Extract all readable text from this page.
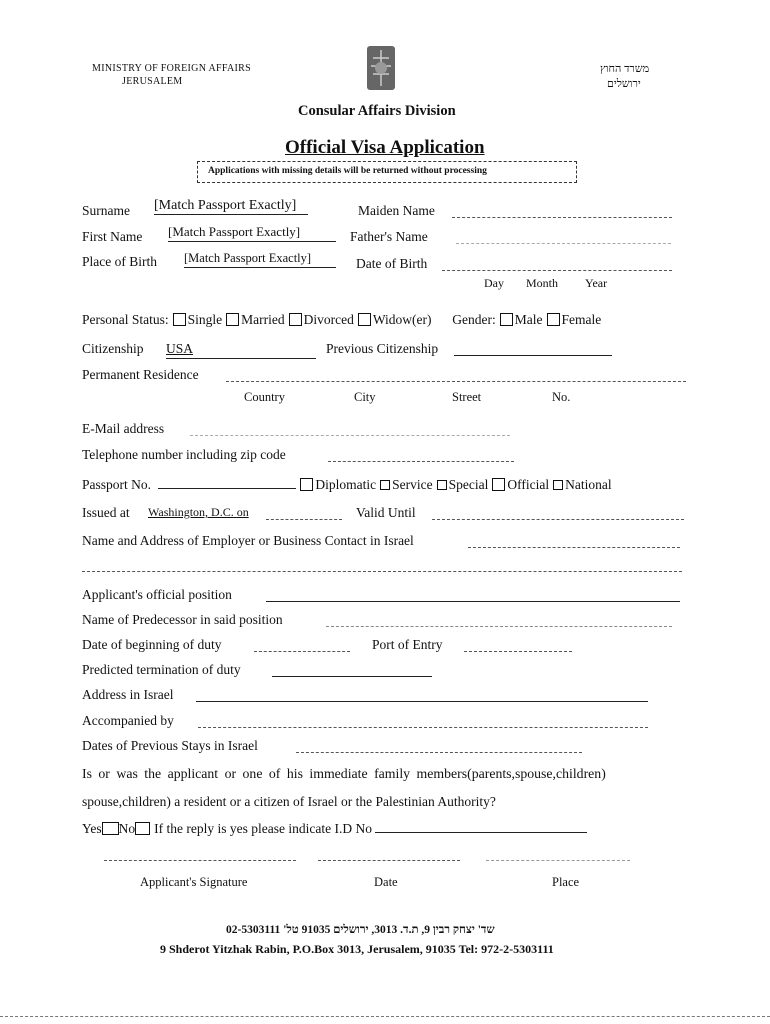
MINISTRY OF FOREIGN AFFAIRS
JERUSALEM
משרד החוץ
ירושלים
Consular Affairs Division
Official Visa Application
Applications with missing details will be returned without processing
Surname [Match Passport Exactly]	Maiden Name
First Name [Match Passport Exactly]	Father's Name
Place of Birth [Match Passport Exactly]	Date of Birth
Day Month Year
Personal Status: Single Married Divorced Widow(er) Gender: Male Female
Citizenship USA	Previous Citizenship
Permanent Residence
Country	City	Street	No.
E-Mail address
Telephone number including zip code
Passport No.	Diplomatic Service Special Official National
Issued at Washington, D.C. on	Valid Until
Name and Address of Employer or Business Contact in Israel
Applicant's official position
Name of Predecessor in said position
Date of beginning of duty	Port of Entry
Predicted termination of duty
Address in Israel
Accompanied by
Dates of Previous Stays in Israel
Is or was the applicant or one of his immediate family members(parents,spouse,children)
spouse,children) a resident or a citizen of Israel or the Palestinian Authority?
Yes No If the reply is yes please indicate I.D No
Applicant's Signature	Date	Place
שד' יצחק רבין 9, ת.ד. 3013, ירושלים 91035 טל' 02-5303111
9 Shderot Yitzhak Rabin, P.O.Box 3013, Jerusalem, 91035 Tel: 972-2-5303111
